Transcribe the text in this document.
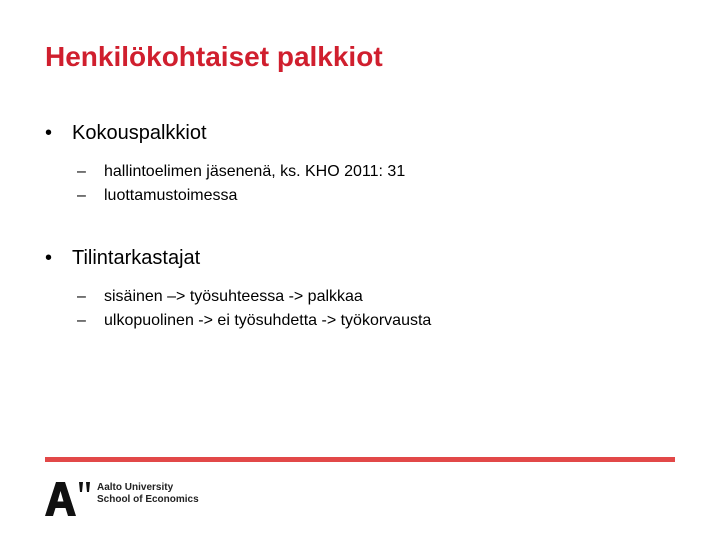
Henkilökohtaiset palkkiot
• Kokouspalkkiot
– hallintoelimen jäsenenä, ks. KHO 2011: 31
– luottamustoimessa
• Tilintarkastajat
– sisäinen –> työsuhteessa -> palkkaa
– ulkopuolinen -> ei työsuhdetta -> työkorvausta
Aalto University
School of Economics
